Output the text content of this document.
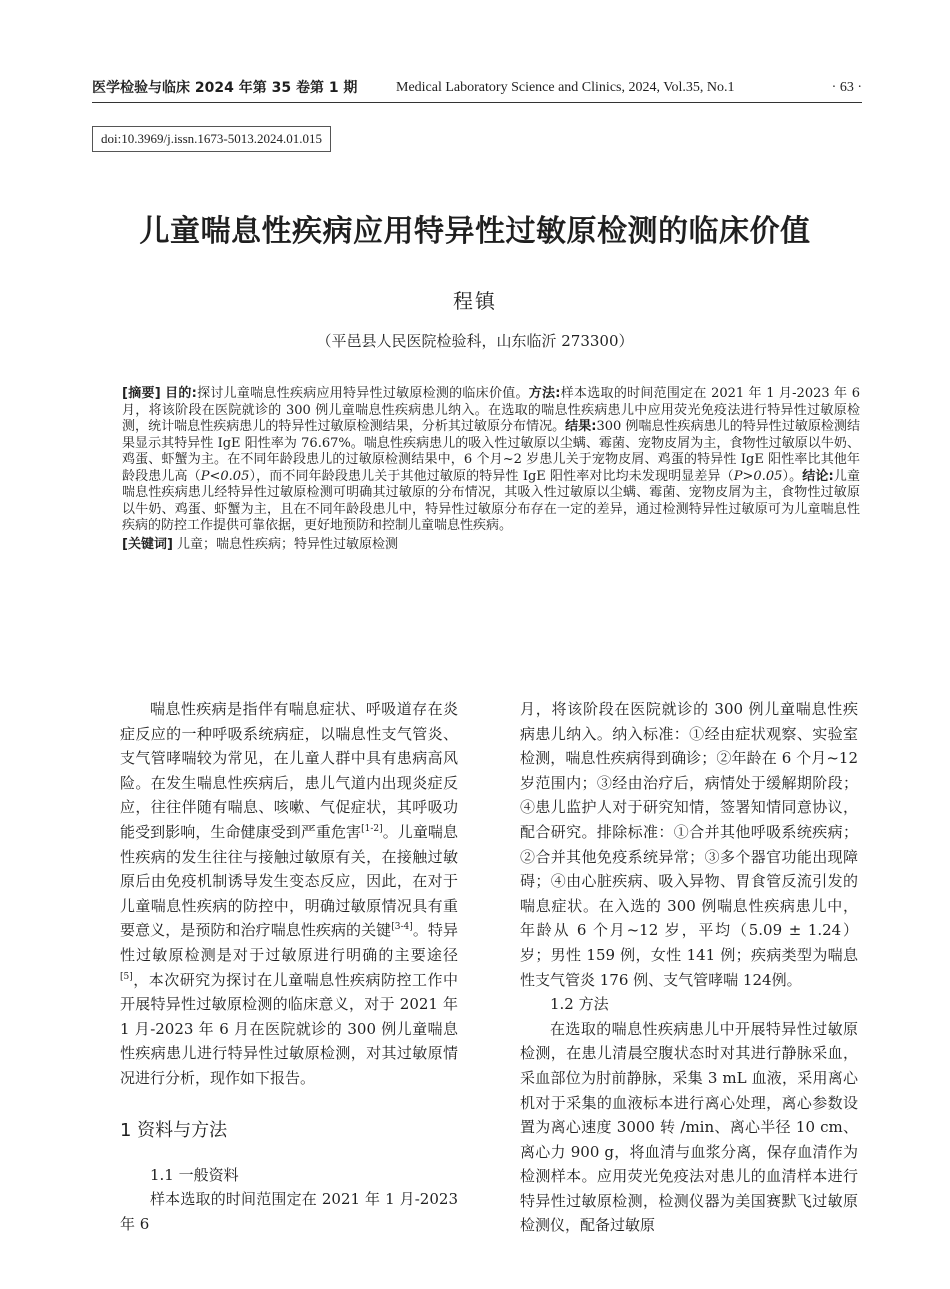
医学检验与临床 2024 年第 35 卷第 1 期	Medical Laboratory Science and Clinics, 2024, Vol.35, No.1	· 63 ·
doi:10.3969/j.issn.1673-5013.2024.01.015
儿童喘息性疾病应用特异性过敏原检测的临床价值
程镇
（平邑县人民医院检验科，山东临沂 273300）
[摘要] 目的:探讨儿童喘息性疾病应用特异性过敏原检测的临床价值。方法:样本选取的时间范围定在 2021 年 1 月-2023 年 6 月，将该阶段在医院就诊的 300 例儿童喘息性疾病患儿纳入。在选取的喘息性疾病患儿中应用荧光免疫法进行特异性过敏原检测，统计喘息性疾病患儿的特异性过敏原检测结果，分析其过敏原分布情况。结果:300 例喘息性疾病患儿的特异性过敏原检测结果显示其特异性 IgE 阳性率为 76.67%。喘息性疾病患儿的吸入性过敏原以尘螨、霉菌、宠物皮屑为主，食物性过敏原以牛奶、鸡蛋、虾蟹为主。在不同年龄段患儿的过敏原检测结果中，6 个月~2 岁患儿关于宠物皮屑、鸡蛋的特异性 IgE 阳性率比其他年龄段患儿高（P<0.05），而不同年龄段患儿关于其他过敏原的特异性 IgE 阳性率对比均未发现明显差异（P>0.05）。结论:儿童喘息性疾病患儿经特异性过敏原检测可明确其过敏原的分布情况，其吸入性过敏原以尘螨、霉菌、宠物皮屑为主，食物性过敏原以牛奶、鸡蛋、虾蟹为主，且在不同年龄段患儿中，特异性过敏原分布存在一定的差异，通过检测特异性过敏原可为儿童喘息性疾病的防控工作提供可靠依据，更好地预防和控制儿童喘息性疾病。
[关键词] 儿童；喘息性疾病；特异性过敏原检测

喘息性疾病是指伴有喘息症状、呼吸道存在炎症反应的一种呼吸系统病症，以喘息性支气管炎、支气管哮喘较为常见，在儿童人群中具有患病高风险。在发生喘息性疾病后，患儿气道内出现炎症反应，往往伴随有喘息、咳嗽、气促症状，其呼吸功能受到影响，生命健康受到严重危害[1-2]。儿童喘息性疾病的发生往往与接触过敏原有关，在接触过敏原后由免疫机制诱导发生变态反应，因此，在对于儿童喘息性疾病的防控中，明确过敏原情况具有重要意义，是预防和治疗喘息性疾病的关键[3-4]。特异性过敏原检测是对于过敏原进行明确的主要途径[5]，本次研究为探讨在儿童喘息性疾病防控工作中开展特异性过敏原检测的临床意义，对于 2021 年 1 月-2023 年 6 月在医院就诊的 300 例儿童喘息性疾病患儿进行特异性过敏原检测，对其过敏原情况进行分析，现作如下报告。

1 资料与方法

1.1 一般资料

样本选取的时间范围定在 2021 年 1 月-2023 年 6

月，将该阶段在医院就诊的 300 例儿童喘息性疾病患儿纳入。纳入标准：①经由症状观察、实验室检测，喘息性疾病得到确诊；②年龄在 6 个月~12 岁范围内；③经由治疗后，病情处于缓解期阶段；④患儿监护人对于研究知情，签署知情同意协议，配合研究。排除标准：①合并其他呼吸系统疾病；②合并其他免疫系统异常；③多个器官功能出现障碍；④由心脏疾病、吸入异物、胃食管反流引发的喘息症状。在入选的 300 例喘息性疾病患儿中，年龄从 6 个月~12 岁，平均（5.09 ± 1.24）岁；男性 159 例，女性 141 例；疾病类型为喘息性支气管炎 176 例、支气管哮喘 124例。

1.2 方法

在选取的喘息性疾病患儿中开展特异性过敏原检测，在患儿清晨空腹状态时对其进行静脉采血，采血部位为肘前静脉，采集 3 mL 血液，采用离心机对于采集的血液标本进行离心处理，离心参数设置为离心速度 3000 转 /min、离心半径 10 cm、离心力 900 g，将血清与血浆分离，保存血清作为检测样本。应用荧光免疫法对患儿的血清样本进行特异性过敏原检测，检测仪器为美国赛默飞过敏原检测仪，配备过敏原
